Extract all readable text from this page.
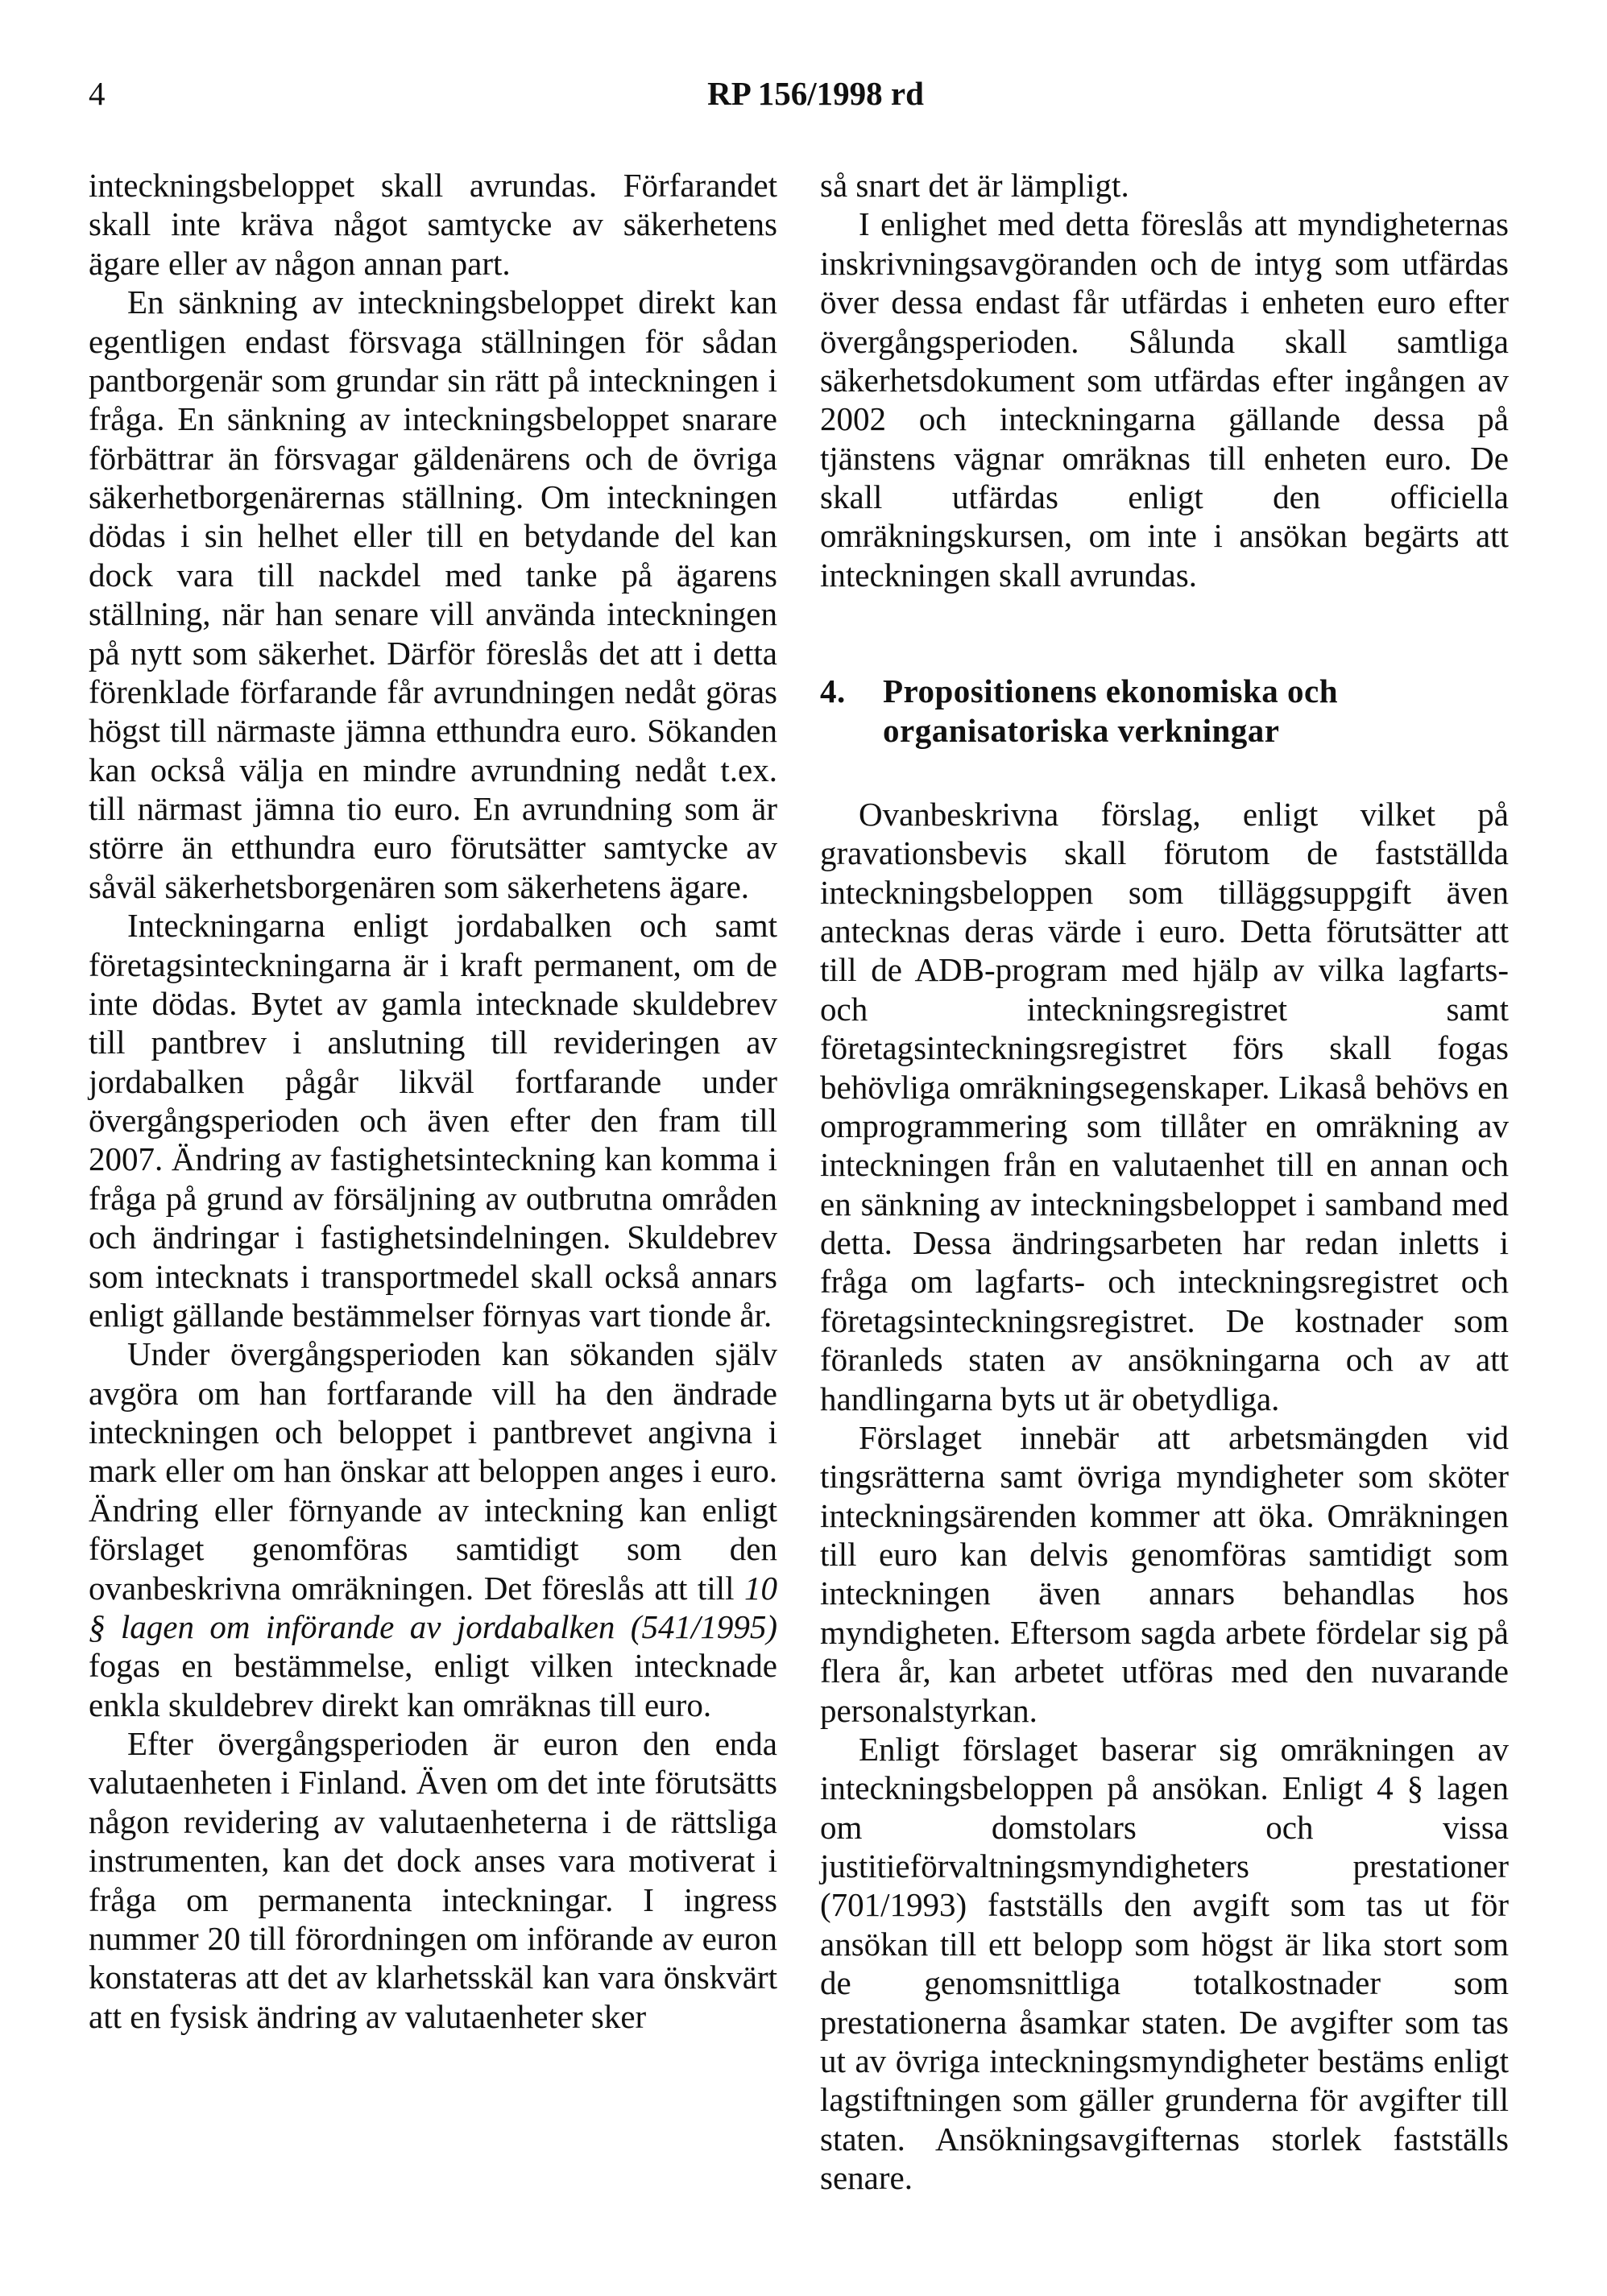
4	RP 156/1998 rd

inteckningsbeloppet skall avrundas. Förfarandet skall inte kräva något samtycke av säkerhetens ägare eller av någon annan part.

En sänkning av inteckningsbeloppet direkt kan egentligen endast försvaga ställningen för sådan pantborgenär som grundar sin rätt på inteckningen i fråga. En sänkning av inteckningsbeloppet snarare förbättrar än försvagar gäldenärens och de övriga säkerhetborgenärernas ställning. Om inteckningen dödas i sin helhet eller till en betydande del kan dock vara till nackdel med tanke på ägarens ställning, när han senare vill använda inteckningen på nytt som säkerhet. Därför föreslås det att i detta förenklade förfarande får avrundningen nedåt göras högst till närmaste jämna etthundra euro. Sökanden kan också välja en mindre avrundning nedåt t.ex. till närmast jämna tio euro. En avrundning som är större än etthundra euro förutsätter samtycke av såväl säkerhetsborgenären som säkerhetens ägare.

Inteckningarna enligt jordabalken och samt företagsinteckningarna är i kraft permanent, om de inte dödas. Bytet av gamla intecknade skuldebrev till pantbrev i anslutning till revideringen av jordabalken pågår likväl fortfarande under övergångsperioden och även efter den fram till 2007. Ändring av fastighetsinteckning kan komma i fråga på grund av försäljning av outbrutna områden och ändringar i fastighetsindelningen. Skuldebrev som intecknats i transportmedel skall också annars enligt gällande bestämmelser förnyas vart tionde år.

Under övergångsperioden kan sökanden själv avgöra om han fortfarande vill ha den ändrade inteckningen och beloppet i pantbrevet angivna i mark eller om han önskar att beloppen anges i euro. Ändring eller förnyande av inteckning kan enligt förslaget genomföras samtidigt som den ovanbeskrivna omräkningen. Det föreslås att till 10 § lagen om införande av jordabalken (541/1995) fogas en bestämmelse, enligt vilken intecknade enkla skuldebrev direkt kan omräknas till euro.

Efter övergångsperioden är euron den enda valutaenheten i Finland. Även om det inte förutsätts någon revidering av valutaenheterna i de rättsliga instrumenten, kan det dock anses vara motiverat i fråga om permanenta inteckningar. I ingress nummer 20 till förordningen om införande av euron konstateras att det av klarhetsskäl kan vara önskvärt att en fysisk ändring av valutaenheter sker

så snart det är lämpligt.

I enlighet med detta föreslås att myndigheternas inskrivningsavgöranden och de intyg som utfärdas över dessa endast får utfärdas i enheten euro efter övergångsperioden. Sålunda skall samtliga säkerhetsdokument som utfärdas efter ingången av 2002 och inteckningarna gällande dessa på tjänstens vägnar omräknas till enheten euro. De skall utfärdas enligt den officiella omräkningskursen, om inte i ansökan begärts att inteckningen skall avrundas.

4.	Propositionens ekonomiska och organisatoriska verkningar

Ovanbeskrivna förslag, enligt vilket på gravationsbevis skall förutom de fastställda inteckningsbeloppen som tilläggsuppgift även antecknas deras värde i euro. Detta förutsätter att till de ADB-program med hjälp av vilka lagfarts- och inteckningsregistret samt företagsinteckningsregistret förs skall fogas behövliga omräkningsegenskaper. Likaså behövs en omprogrammering som tillåter en omräkning av inteckningen från en valutaenhet till en annan och en sänkning av inteckningsbeloppet i samband med detta. Dessa ändringsarbeten har redan inletts i fråga om lagfarts- och inteckningsregistret och företagsinteckningsregistret. De kostnader som föranleds staten av ansökningarna och av att handlingarna byts ut är obetydliga.

Förslaget innebär att arbetsmängden vid tingsrätterna samt övriga myndigheter som sköter inteckningsärenden kommer att öka. Omräkningen till euro kan delvis genomföras samtidigt som inteckningen även annars behandlas hos myndigheten. Eftersom sagda arbete fördelar sig på flera år, kan arbetet utföras med den nuvarande personalstyrkan.

Enligt förslaget baserar sig omräkningen av inteckningsbeloppen på ansökan. Enligt 4 § lagen om domstolars och vissa justitieförvaltningsmyndigheters prestationer (701/1993) fastställs den avgift som tas ut för ansökan till ett belopp som högst är lika stort som de genomsnittliga totalkostnader som prestationerna åsamkar staten. De avgifter som tas ut av övriga inteckningsmyndigheter bestäms enligt lagstiftningen som gäller grunderna för avgifter till staten. Ansökningsavgifternas storlek fastställs senare.
